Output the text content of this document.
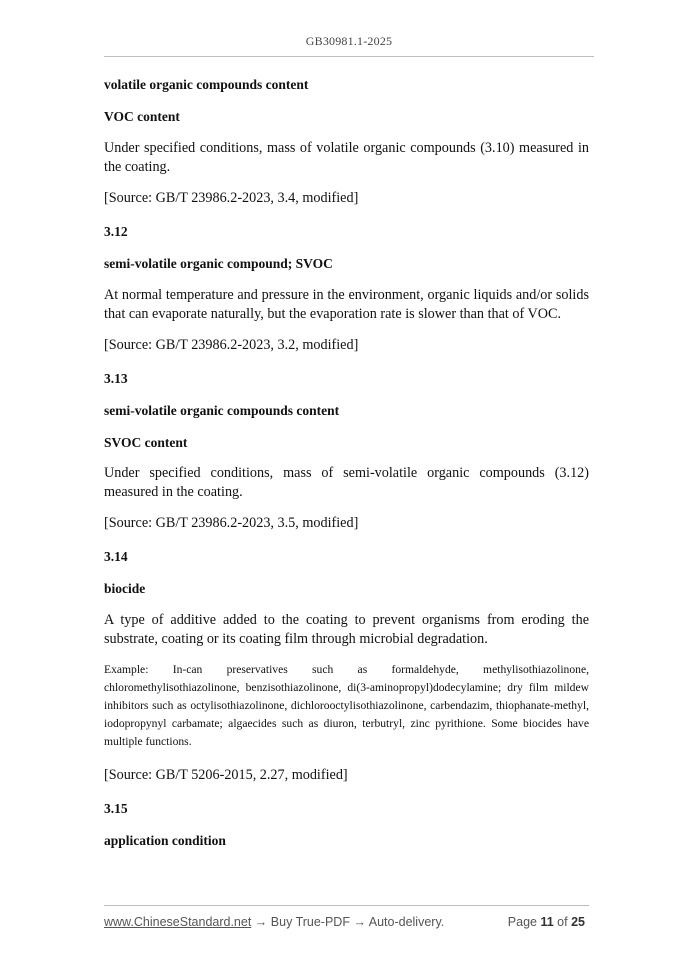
GB30981.1-2025

volatile organic compounds content

VOC content

Under specified conditions, mass of volatile organic compounds (3.10) measured in the coating.

[Source: GB/T 23986.2-2023, 3.4, modified]

3.12

semi-volatile organic compound; SVOC

At normal temperature and pressure in the environment, organic liquids and/or solids that can evaporate naturally, but the evaporation rate is slower than that of VOC.

[Source: GB/T 23986.2-2023, 3.2, modified]

3.13

semi-volatile organic compounds content

SVOC content

Under specified conditions, mass of semi-volatile organic compounds (3.12) measured in the coating.

[Source: GB/T 23986.2-2023, 3.5, modified]

3.14

biocide

A type of additive added to the coating to prevent organisms from eroding the substrate, coating or its coating film through microbial degradation.

Example: In-can preservatives such as formaldehyde, methylisothiazolinone, chloromethylisothiazolinone, benzisothiazolinone, di(3-aminopropyl)dodecylamine; dry film mildew inhibitors such as octylisothiazolinone, dichlorooctylisothiazolinone, carbendazim, thiophanate-methyl, iodopropynyl carbamate; algaecides such as diuron, terbutryl, zinc pyrithione. Some biocides have multiple functions.

[Source: GB/T 5206-2015, 2.27, modified]

3.15

application condition

www.ChineseStandard.net → Buy True-PDF → Auto-delivery.	Page 11 of 25
